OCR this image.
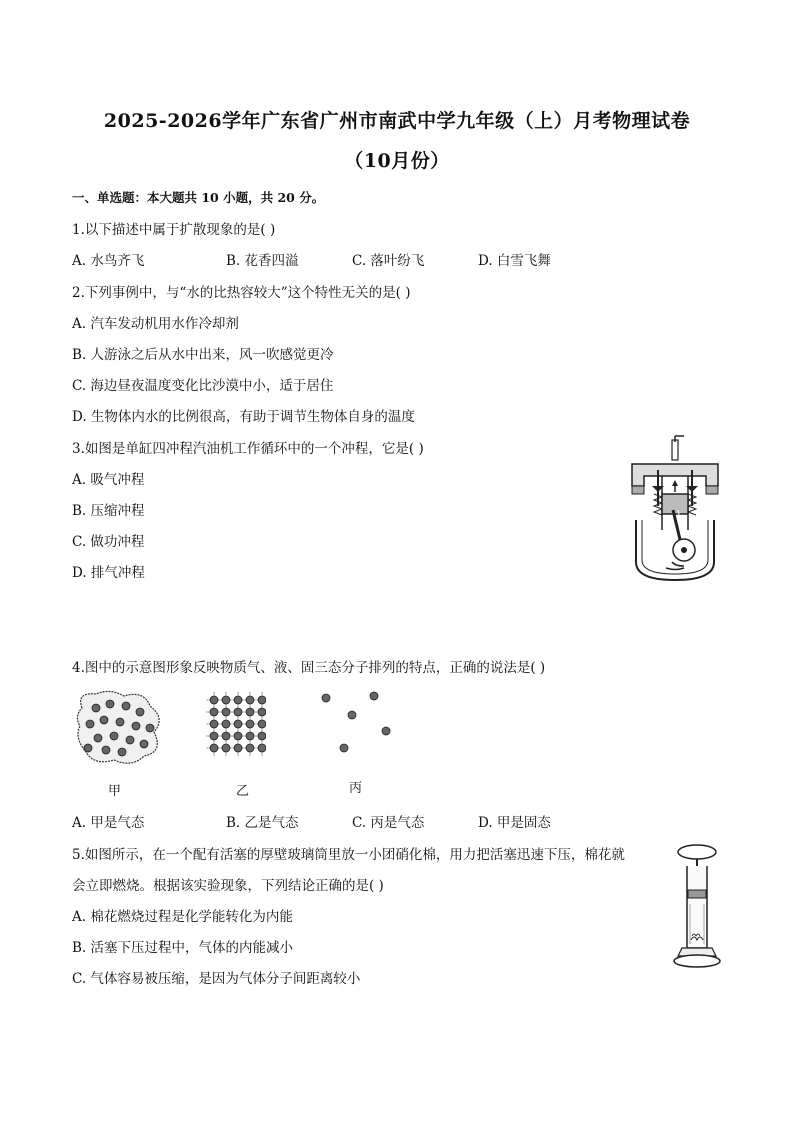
2025-2026学年广东省广州市南武中学九年级（上）月考物理试卷
（10月份）
一、单选题：本大题共 10 小题，共 20 分。
1.以下描述中属于扩散现象的是( )
A. 水鸟齐飞	B. 花香四溢	C. 落叶纷飞	D. 白雪飞舞
2.下列事例中，与“水的比热容较大”这个特性无关的是( )
A. 汽车发动机用水作冷却剂
B. 人游泳之后从水中出来，风一吹感觉更冷
C. 海边昼夜温度变化比沙漠中小，适于居住
D. 生物体内水的比例很高，有助于调节生物体自身的温度
3.如图是单缸四冲程汽油机工作循环中的一个冲程，它是( )
A. 吸气冲程
B. 压缩冲程
C. 做功冲程
D. 排气冲程
4.图中的示意图形象反映物质气、液、固三态分子排列的特点，正确的说法是( )
甲	乙	丙
A. 甲是气态	B. 乙是气态	C. 丙是气态	D. 甲是固态
5.如图所示，在一个配有活塞的厚壁玻璃筒里放一小团硝化棉，用力把活塞迅速下压，棉花就
会立即燃烧。根据该实验现象，下列结论正确的是( )
A. 棉花燃烧过程是化学能转化为内能
B. 活塞下压过程中，气体的内能减小
C. 气体容易被压缩，是因为气体分子间距离较小
